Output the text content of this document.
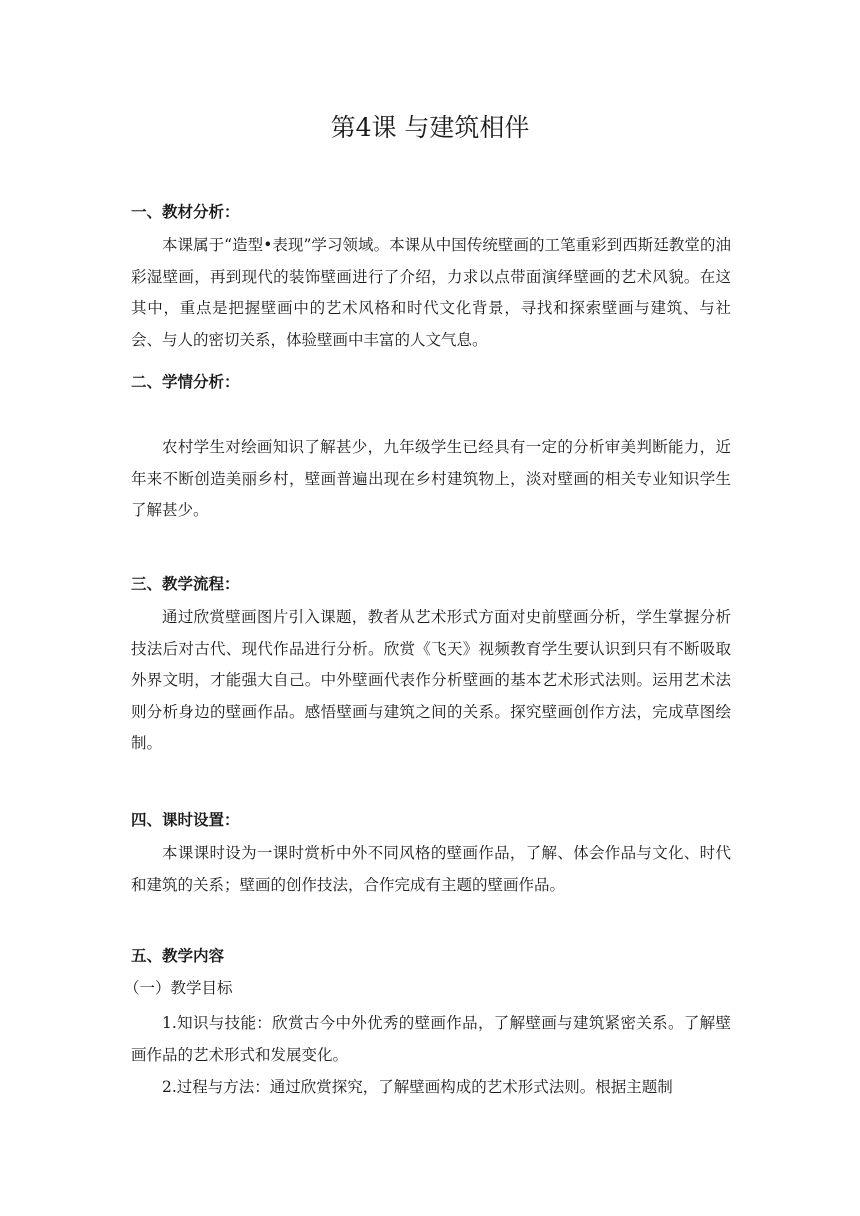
第4课 与建筑相伴

一、教材分析：

本课属于“造型•表现”学习领域。本课从中国传统壁画的工笔重彩到西斯廷教堂的油彩湿壁画，再到现代的装饰壁画进行了介绍，力求以点带面演绎壁画的艺术风貌。在这其中，重点是把握壁画中的艺术风格和时代文化背景，寻找和探索壁画与建筑、与社会、与人的密切关系，体验壁画中丰富的人文气息。

二、学情分析：

农村学生对绘画知识了解甚少，九年级学生已经具有一定的分析审美判断能力，近年来不断创造美丽乡村，壁画普遍出现在乡村建筑物上，淡对壁画的相关专业知识学生了解甚少。

三、教学流程：

通过欣赏壁画图片引入课题，教者从艺术形式方面对史前壁画分析，学生掌握分析技法后对古代、现代作品进行分析。欣赏《飞天》视频教育学生要认识到只有不断吸取外界文明，才能强大自己。中外壁画代表作分析壁画的基本艺术形式法则。运用艺术法则分析身边的壁画作品。感悟壁画与建筑之间的关系。探究壁画创作方法，完成草图绘制。

四、课时设置：

本课课时设为一课时赏析中外不同风格的壁画作品，了解、体会作品与文化、时代和建筑的关系；壁画的创作技法，合作完成有主题的壁画作品。

五、教学内容

（一）教学目标

1.知识与技能：欣赏古今中外优秀的壁画作品，了解壁画与建筑紧密关系。了解壁画作品的艺术形式和发展变化。

2.过程与方法：通过欣赏探究，了解壁画构成的艺术形式法则。根据主题制
